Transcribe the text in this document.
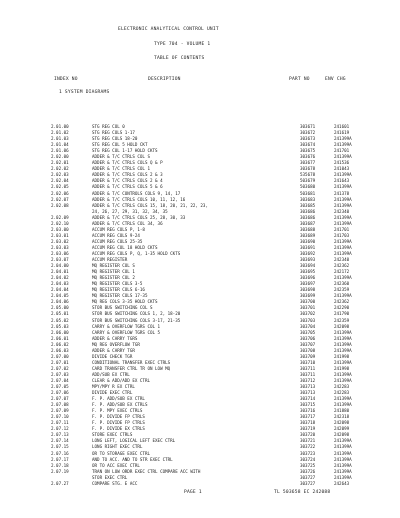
ELECTRONIC ANALYTICAL CONTROL UNIT
TYPE 704 - VOLUME 1
TABLE OF CONTENTS
INDEX NO	DESCRIPTION	PART NO	ENV CHG
1 SYSTEM DIAGRAMS
2.01.00	STG REG COL 0	303671	241601
2.01.02	STG REG COLS 1-17	303672	241619
2.01.03	STG REG COLS 18-20	303673	241399A
2.01.04	STG REG COL 5 HOLD CKT	303674	241399A
2.01.06	STG REG COL 1-17 HOLD CKTS	303675	241701
2.02.00	ADDER & T/C CTRLS COL S	303676	241399A
2.02.01	ADDER & T/C CTRLS COLS Q & P	303677	241536
2.02.02	ADDER & T/C CTRLS COL 1	303678	241043
2.02.03	ADDER & T/C CTRLS COLS 2 & 3	535678	241399A
2.02.04	ADDER & T/C CTRLS COLS 2 & 4	503679	241643
2.02.05	ADDER & T/C CTRLS COLS 5 & 6	503680	241399A
2.02.06	ADDER & T/C CONTROLS COLS 9, 14, 17	503681	241378
2.02.07	ADDER & T/C CTRLS COLS 10, 11, 12, 16	303683	241399A
2.02.08	ADDER & T/C CTRLS COLS 15, 18, 20, 21, 22, 23,	303685	241399A
24, 26, 27, 29, 31, 32, 34, 35	303686	242340
2.02.09	ADDER & T/C CTRLS COLS 25, 28, 30, 33	303686	241399A
2.02.10	ADDER & T/C CTRLS COL 34, 36	303687	241399A
2.03.00	ACCUM REG COLS P, 1-8	303688	241701
2.03.01	ACCUM REG COLS 9-24	303689	241703
2.03.02	ACCUM REG COLS 25-35	303690	241399A
2.03.03	ACCUM REG COL 18 HOLD CKTS	303691	241399A
2.03.06	ACCUM REG COLS P, Q, 1-35 HOLD CKTS	303692	241399A
2.03.07	ACCUM REGISTER	303693	242340
2.04.00	MQ REGISTER COL S	303694	242362
2.04.01	MQ REGISTER COL 1	303695	242172
2.04.02	MQ REGISTER COL 2	303696	241399A
2.04.03	MQ REGISTER COLS 3-5	303697	242360
2.04.04	MQ REGISTER COLS 6-16	303698	242359
2.04.05	MQ REGISTER COLS 17-35	303699	241399A
2.04.06	MQ REG COLS 3-35 HOLD CKTS	303700	242362
2.05.00	STOR BUS SWITCHING COL S	303701	242290
2.05.01	STOR BUS SWITCHING COLS 1, 2, 18-20	303702	241790
2.05.02	STOR BUS SWITCHING COLS 3-17, 21-35	303703	242359
2.05.03	CARRY & OVERFLOW TGRS COL 1	303704	242098
2.06.00	CARRY & OVERFLOW TGRS COL 5	303705	241399A
2.06.01	ADDER & CARRY TGRS	303706	241399A
2.06.02	MQ REG OVERFLOW TGR	303707	241399A
2.06.03	ADDER & CARRY TGR	303708	241399A
2.07.00	DIVIDE CHECK TGR	303709	241998
2.07.01	CONDITIONAL TRANSFER EXEC CTRLS	303710	241399A
2.07.02	CARD TRANSFER CTRL TR ON LOW MQ	303711	241998
2.07.03	ADD/SUB EX CTRL	303711	241399A
2.07.04	CLEAR & ADD/ADD EX CTRL	303712	241399A
2.07.05	MPY/MPY R EX CTRL	303713	242283
2.07.06	DIVIDE EXEC CTRL	303713	242283
2.07.07	F. P. ADD/SUB EX CTRL	303714	241399A
2.07.08	F. P. ADD/SUB EX CTRLS	303715	241399A
2.07.09	F. P. MPY EXEC CTRLS	303716	241880
2.07.10	F. P. DIVIDE FP CTRLS	303717	242318
2.07.11	F. P. DIVIDE FP CTRLS	303718	242098
2.07.12	F. P. DIVIDE EX CTRLS	303719	242099
2.07.13	STORE EXEC CTRLS	303720	242098
2.07.14	LONG LEFT, LOGICAL LEFT EXEC CTRL	303721	241399A
2.07.15	LONG RIGHT EXEC CTRL	303722	241399A
2.07.16	OR TO STORAGE EXEC CTRL	303723	241399A
2.07.17	AND TO ACC. AND TO STR EXEC CTRL	303724	241399A
2.07.18	OR TO ACC EXEC CTRL	303725	241399A
2.07.19	TRAN ON LOW ORDR EXEC CTRL COMPARE ACC WITH	303726	241399A
STOR EXEC CTRL	303727	241399A
2.07.27	COMPARE STG. E ACC	303727	242643
PAGE 1	TL 503658 EC 242088
